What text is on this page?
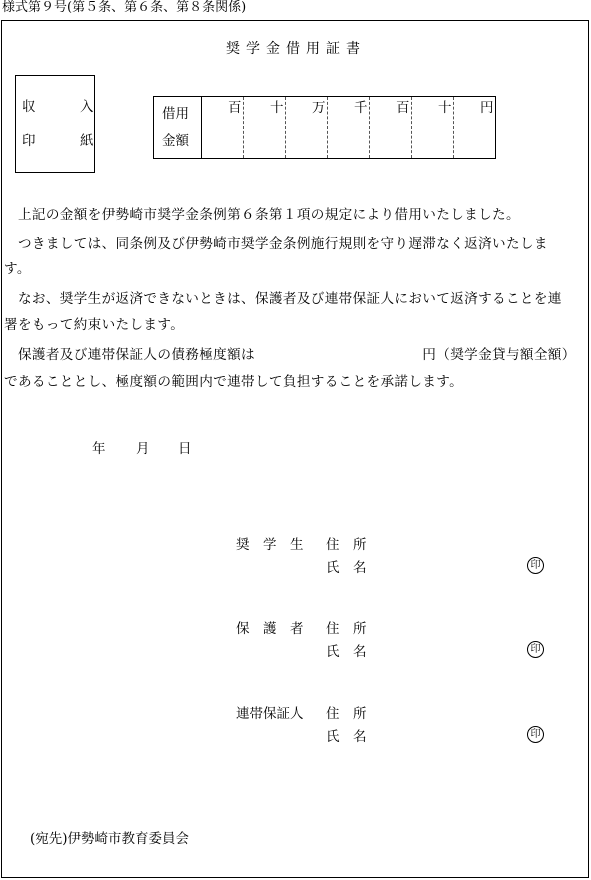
様式第９号(第５条、第６条、第８条関係)
奨学金借用証書
収	入
印	紙
借用
金額
百 十 万 千 百 十 円
　上記の金額を伊勢崎市奨学金条例第６条第１項の規定により借用いたしました。
　つきましては、同条例及び伊勢崎市奨学金条例施行規則を守り遅滞なく返済いたしま
す。
　なお、奨学生が返済できないときは、保護者及び連帯保証人において返済することを連
署をもって約束いたします。
　保護者及び連帯保証人の債務極度額は　　　　　　　　　　　　円（奨学金貸与額全額）
であることとし、極度額の範囲内で連帯して負担することを承諾します。
年 月 日
奨　学　生 住　所
氏　名	印
保　護　者 住　所
氏　名	印
連帯保証人 住　所
氏　名	印
(宛先)伊勢崎市教育委員会
